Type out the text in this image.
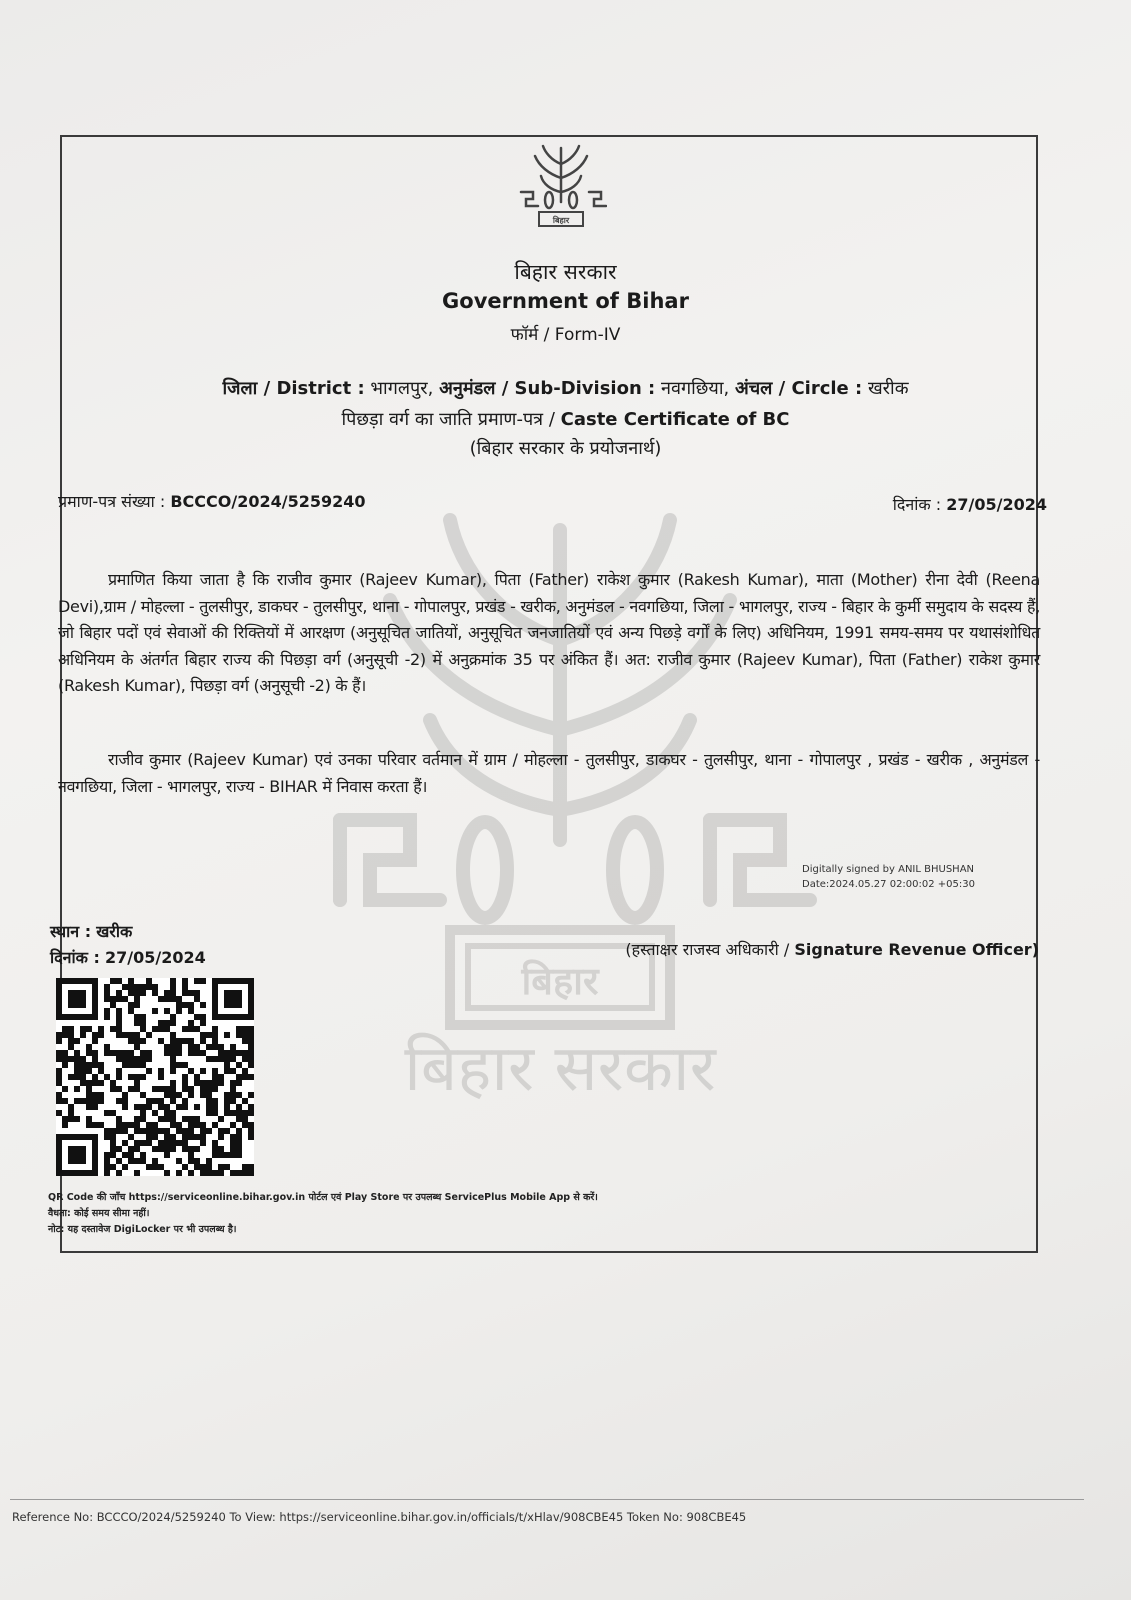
बिहार
बिहार सरकार
बिहार
बिहार सरकार
Government of Bihar
फॉर्म / Form-IV
जिला / District : भागलपुर, अनुमंडल / Sub-Division : नवगछिया, अंचल / Circle : खरीक
पिछड़ा वर्ग का जाति प्रमाण-पत्र / Caste Certificate of BC
(बिहार सरकार के प्रयोजनार्थ)
प्रमाण-पत्र संख्या : BCCCO/2024/5259240	दिनांक : 27/05/2024
प्रमाणित किया जाता है कि राजीव कुमार (Rajeev Kumar), पिता (Father) राकेश कुमार (Rakesh Kumar), माता (Mother) रीना देवी (Reena Devi),ग्राम / मोहल्ला - तुलसीपुर, डाकघर - तुलसीपुर, थाना - गोपालपुर, प्रखंड - खरीक, अनुमंडल - नवगछिया, जिला - भागलपुर, राज्य - बिहार के कुर्मी समुदाय के सदस्य हैं, जो बिहार पदों एवं सेवाओं की रिक्तियों में आरक्षण (अनुसूचित जातियों, अनुसूचित जनजातियों एवं अन्य पिछड़े वर्गों के लिए) अधिनियम, 1991 समय-समय पर यथासंशोधित अधिनियम के अंतर्गत बिहार राज्य की पिछड़ा वर्ग (अनुसूची -2) में अनुक्रमांक 35 पर अंकित हैं। अत: राजीव कुमार (Rajeev Kumar), पिता (Father) राकेश कुमार (Rakesh Kumar), पिछड़ा वर्ग (अनुसूची -2) के हैं।
राजीव कुमार (Rajeev Kumar) एवं उनका परिवार वर्तमान में ग्राम / मोहल्ला - तुलसीपुर, डाकघर - तुलसीपुर, थाना - गोपालपुर , प्रखंड - खरीक , अनुमंडल - नवगछिया, जिला - भागलपुर, राज्य - BIHAR में निवास करता हैं।
Digitally signed by ANIL BHUSHAN
Date:2024.05.27 02:00:02 +05:30
स्थान : खरीक
दिनांक : 27/05/2024	(हस्ताक्षर राजस्व अधिकारी / Signature Revenue Officer)
QR Code की जाँच https://serviceonline.bihar.gov.in पोर्टल एवं Play Store पर उपलब्ध ServicePlus Mobile App से करें।
वैधता: कोई समय सीमा नहीं।
नोट: यह दस्तावेज DigiLocker पर भी उपलब्ध है।
Reference No: BCCCO/2024/5259240 To View: https://serviceonline.bihar.gov.in/officials/t/xHlav/908CBE45 Token No: 908CBE45
